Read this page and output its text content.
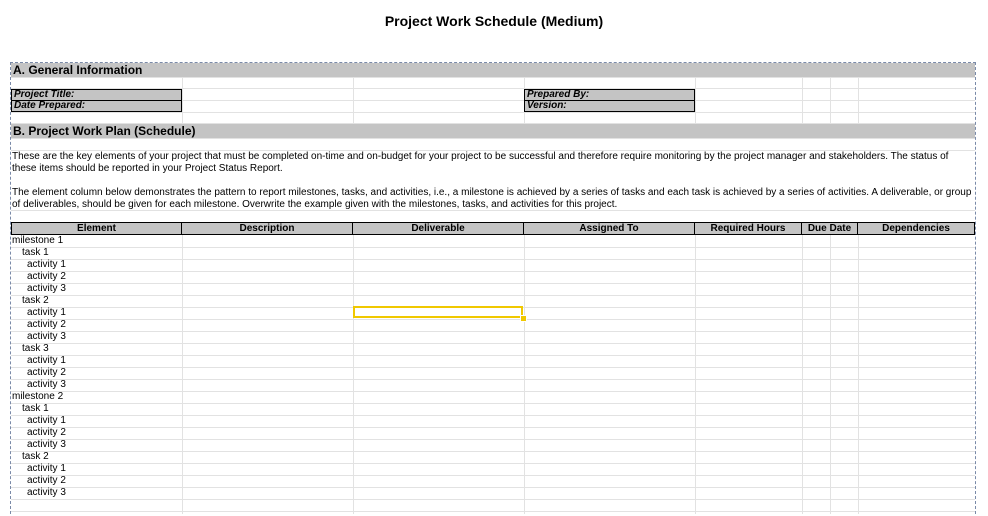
Project Work Schedule (Medium)
A. General Information
Project Title:
Date Prepared:
Prepared By:
Version:
B. Project Work Plan (Schedule)
These are the key elements of your project that must be completed on-time and on-budget for your project to be successful and therefore require monitoring by the project manager and stakeholders. The status of these items should be reported in your Project Status Report.
The element column below demonstrates the pattern to report milestones, tasks, and activities, i.e., a milestone is achieved by a series of tasks and each task is achieved by a series of activities. A deliverable, or group of deliverables, should be given for each milestone. Overwrite the example given with the milestones, tasks, and activities for this project.
Element	Description	Deliverable	Assigned To	Required Hours	Due Date	Dependencies
milestone 1
task 1
activity 1
activity 2
activity 3
task 2
activity 1
activity 2
activity 3
task 3
activity 1
activity 2
activity 3
milestone 2
task 1
activity 1
activity 2
activity 3
task 2
activity 1
activity 2
activity 3
